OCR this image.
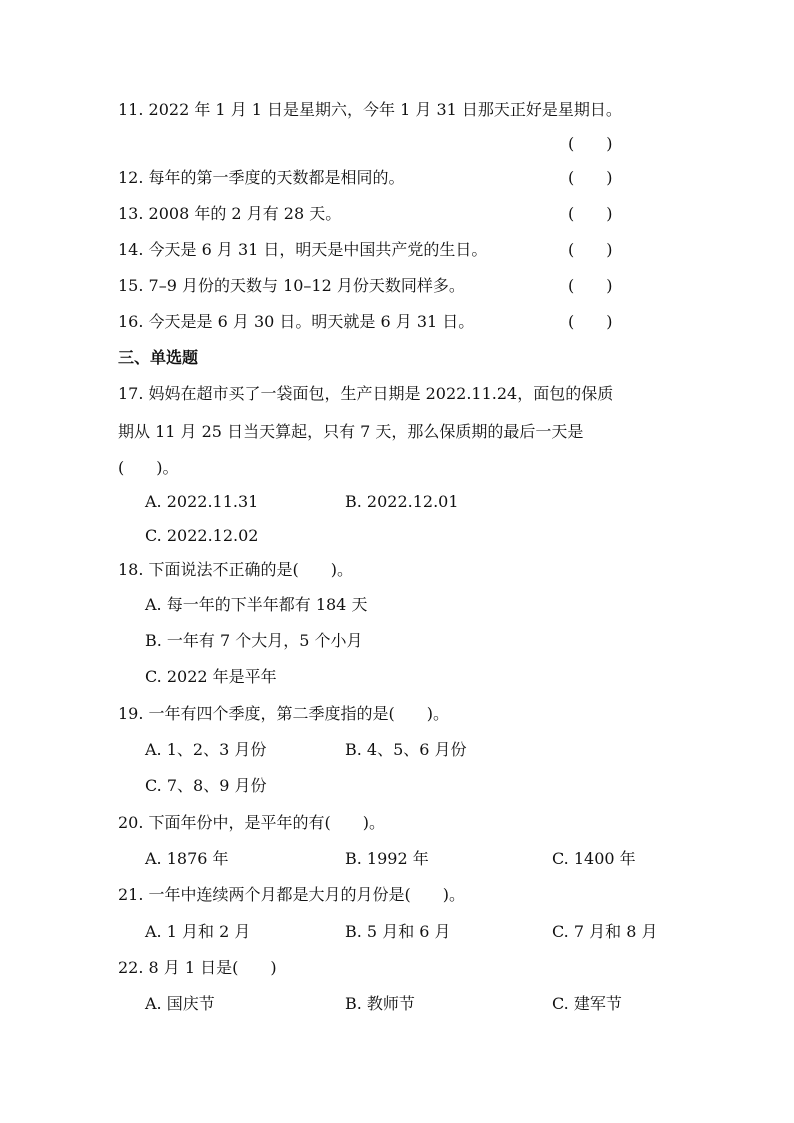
11. 2022 年 1 月 1 日是星期六，今年 1 月 31 日那天正好是星期日。
(　　)
12. 每年的第一季度的天数都是相同的。	(　　)
13. 2008 年的 2 月有 28 天。	(　　)
14. 今天是 6 月 31 日，明天是中国共产党的生日。	(　　)
15. 7–9 月份的天数与 10–12 月份天数同样多。	(　　)
16. 今天是是 6 月 30 日。明天就是 6 月 31 日。	(　　)
三、单选题
17. 妈妈在超市买了一袋面包，生产日期是 2022.11.24，面包的保质
期从 11 月 25 日当天算起，只有 7 天，那么保质期的最后一天是
(　　)。
A. 2022.11.31	B. 2022.12.01
C. 2022.12.02
18. 下面说法不正确的是(　　)。
A. 每一年的下半年都有 184 天
B. 一年有 7 个大月，5 个小月
C. 2022 年是平年
19. 一年有四个季度，第二季度指的是(　　)。
A. 1、2、3 月份	B. 4、5、6 月份
C. 7、8、9 月份
20. 下面年份中，是平年的有(　　)。
A. 1876 年	B. 1992 年	C. 1400 年
21. 一年中连续两个月都是大月的月份是(　　)。
A. 1 月和 2 月	B. 5 月和 6 月	C. 7 月和 8 月
22. 8 月 1 日是(　　)
A. 国庆节	B. 教师节	C. 建军节
